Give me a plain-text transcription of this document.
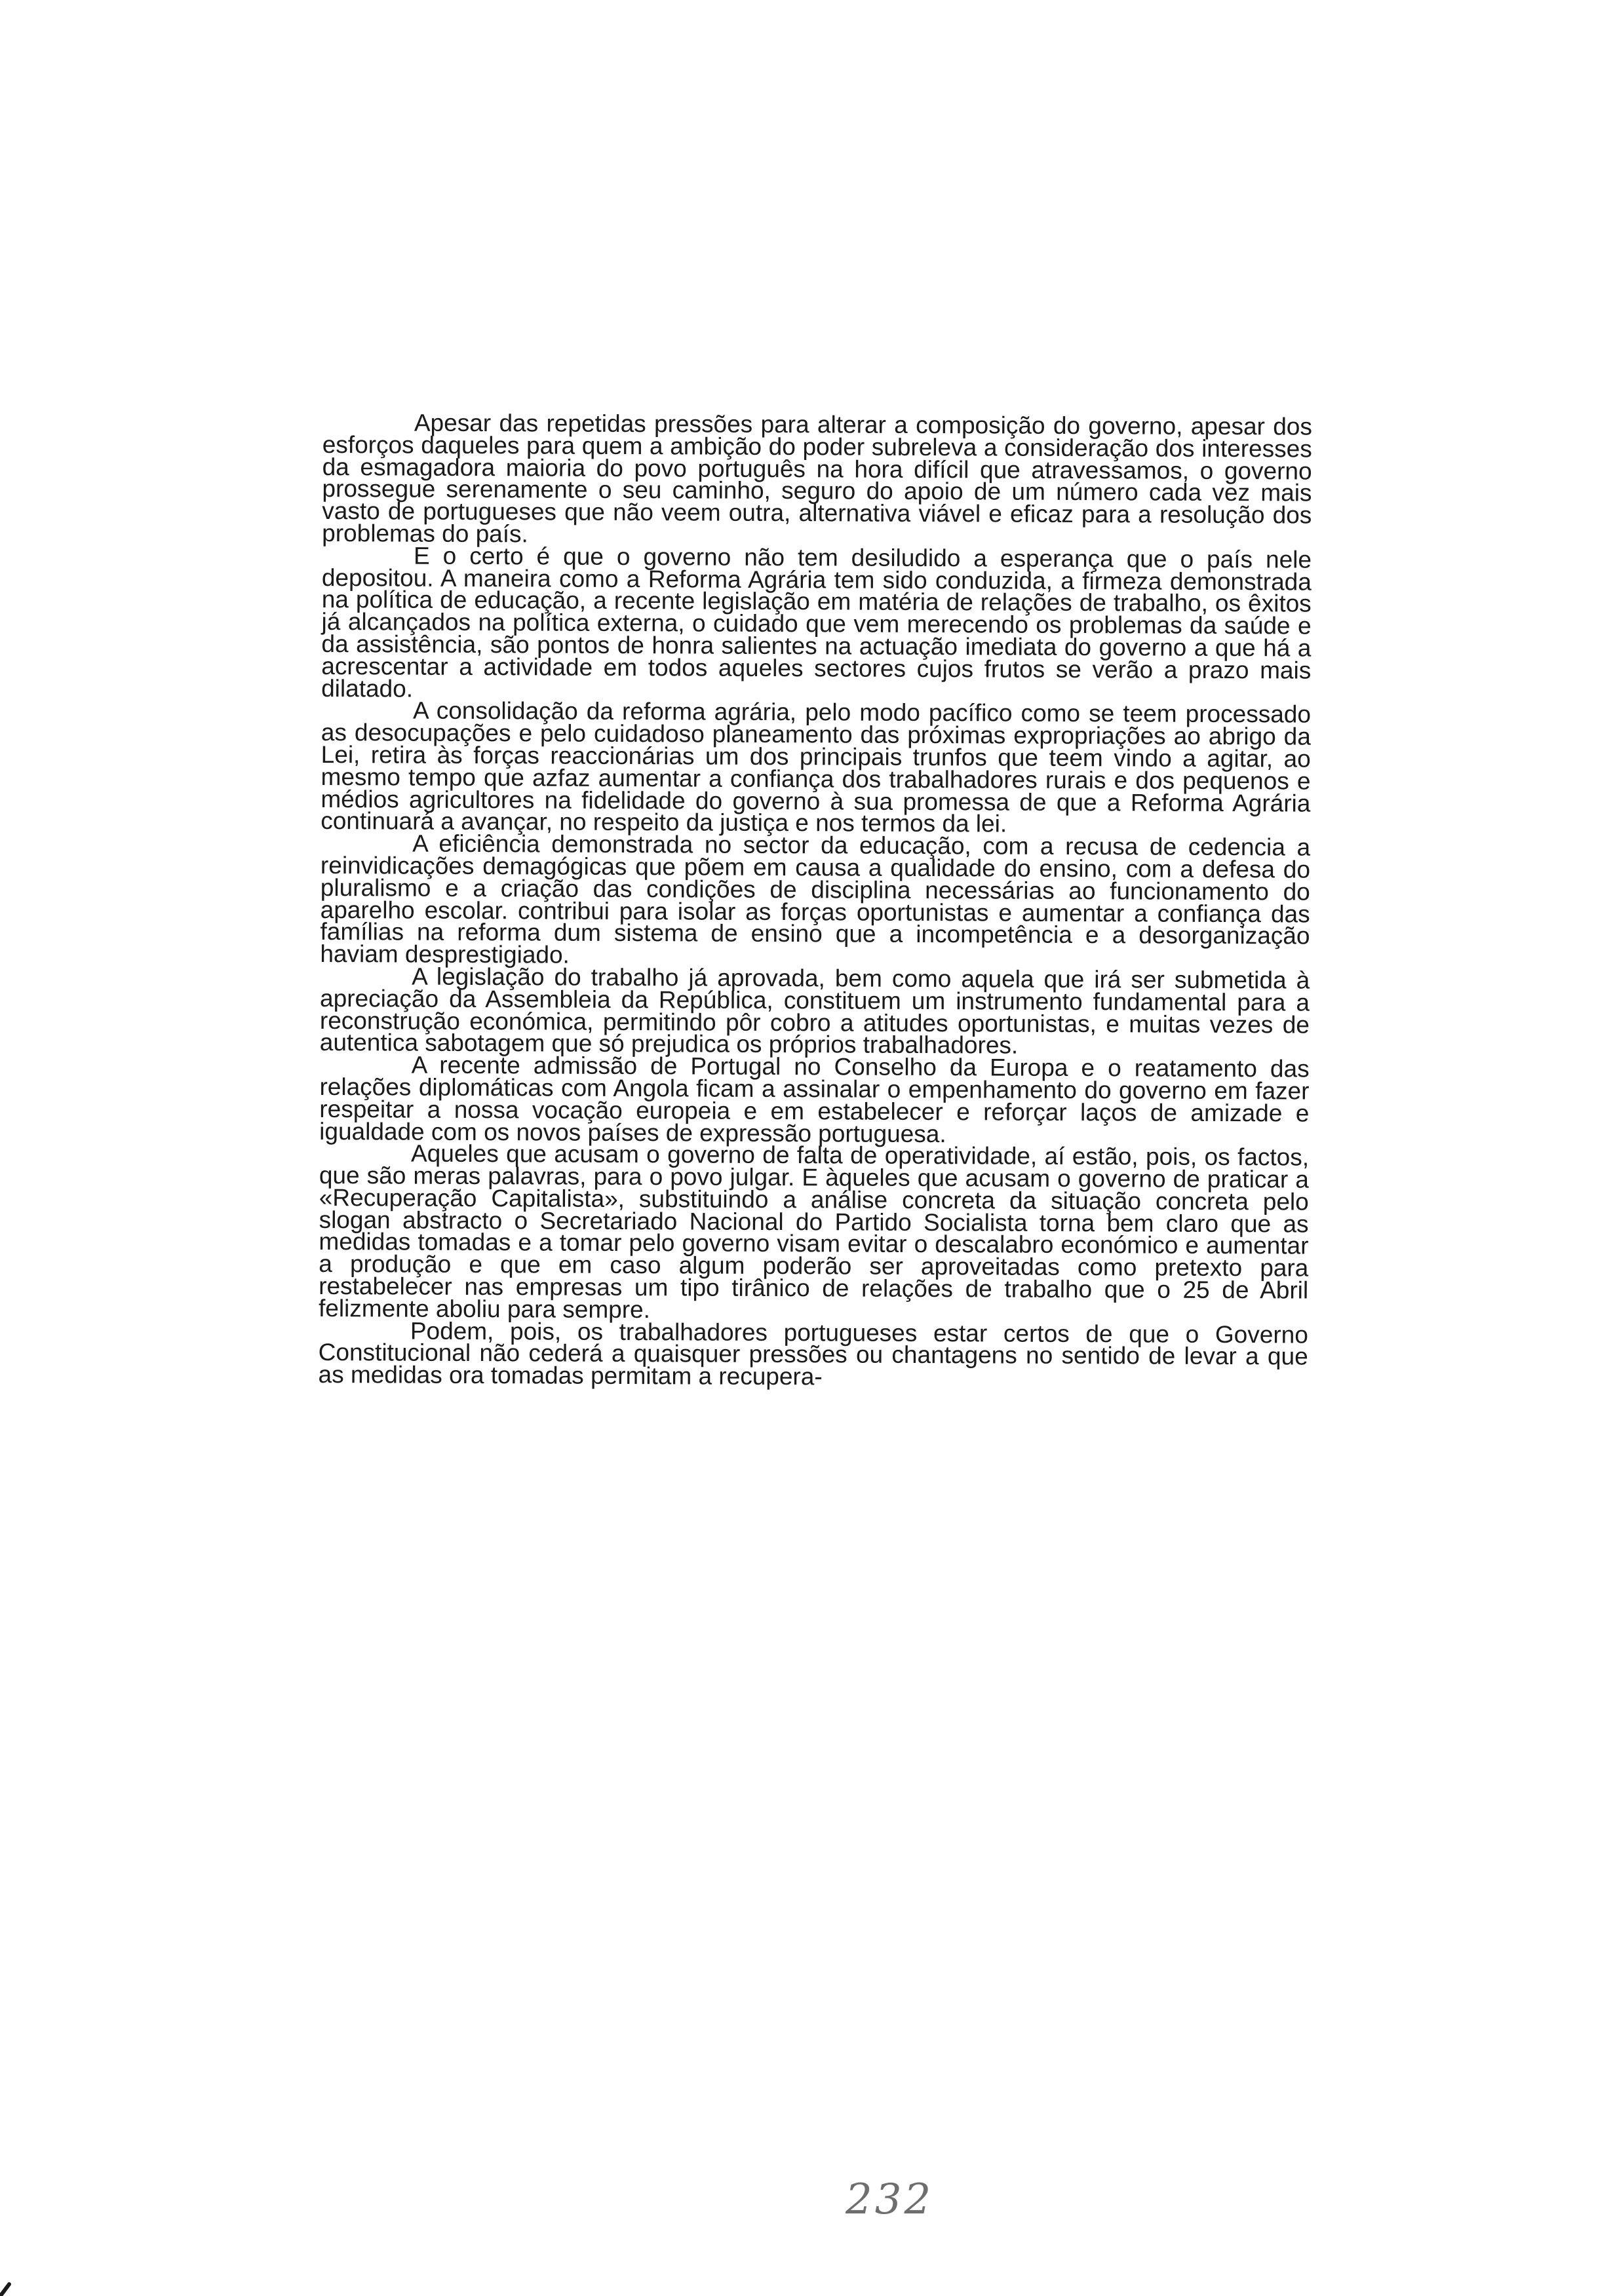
Apesar das repetidas pressões para alterar a composição do governo, apesar dos esforços daqueles para quem a ambição do poder subreleva a consideração dos interesses da esmagadora maioria do povo português na hora difícil que atravessamos, o governo prossegue serenamente o seu caminho, seguro do apoio de um número cada vez mais vasto de portugueses que não veem outra, alternativa viável e eficaz para a resolução dos problemas do país.

E o certo é que o governo não tem desiludido a esperança que o país nele depositou. A maneira como a Reforma Agrária tem sido conduzida, a firmeza demonstrada na política de educação, a recente legislação em matéria de relações de trabalho, os êxitos já alcançados na política externa, o cuidado que vem merecendo os problemas da saúde e da assistência, são pontos de honra salientes na actuação imediata do governo a que há a acrescentar a actividade em todos aqueles sectores cujos frutos se verão a prazo mais dilatado.

A consolidação da reforma agrária, pelo modo pacífico como se teem processado as desocupações e pelo cuidadoso planeamento das próximas expropriações ao abrigo da Lei, retira às forças reaccionárias um dos principais trunfos que teem vindo a agitar, ao mesmo tempo que azfaz aumentar a confiança dos trabalhadores rurais e dos pequenos e médios agricultores na fidelidade do governo à sua promessa de que a Reforma Agrária continuará a avançar, no respeito da justiça e nos termos da lei.

A eficiência demonstrada no sector da educação, com a recusa de cedencia a reinvidicações demagógicas que põem em causa a qualidade do ensino, com a defesa do pluralismo e a criação das condições de disciplina necessárias ao funcionamento do aparelho escolar. contribui para isolar as forças oportunistas e aumentar a confiança das famílias na reforma dum sistema de ensino que a incompetência e a desorganização haviam desprestigiado.

A legislação do trabalho já aprovada, bem como aquela que irá ser submetida à apreciação da Assembleia da República, constituem um instrumento fundamental para a reconstrução económica, permitindo pôr cobro a atitudes oportunistas, e muitas vezes de autentica sabotagem que só prejudica os próprios trabalhadores.

A recente admissão de Portugal no Conselho da Europa e o reatamento das relações diplomáticas com Angola ficam a assinalar o empenhamento do governo em fazer respeitar a nossa vocação europeia e em estabelecer e reforçar laços de amizade e igualdade com os novos países de expressão portuguesa.

Aqueles que acusam o governo de falta de operatividade, aí estão, pois, os factos, que são meras palavras, para o povo julgar. E àqueles que acusam o governo de praticar a «Recuperação Capitalista», substituindo a análise concreta da situação concreta pelo slogan abstracto o Secretariado Nacional do Partido Socialista torna bem claro que as medidas tomadas e a tomar pelo governo visam evitar o descalabro económico e aumentar a produção e que em caso algum poderão ser aproveitadas como pretexto para restabelecer nas empresas um tipo tirânico de relações de trabalho que o 25 de Abril felizmente aboliu para sempre.

Podem, pois, os trabalhadores portugueses estar certos de que o Governo Constitucional não cederá a quaisquer pressões ou chantagens no sentido de levar a que as medidas ora tomadas permitam a recupera-

232
